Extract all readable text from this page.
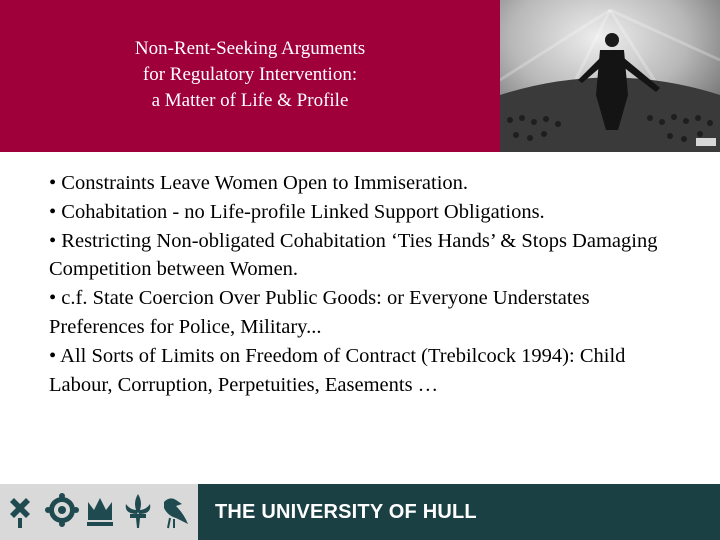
Non-Rent-Seeking Arguments
for Regulatory Intervention:
a Matter of Life & Profile

• Constraints Leave Women Open to Immiseration.

• Cohabitation - no Life-profile Linked Support Obligations.

• Restricting Non-obligated Cohabitation ‘Ties Hands’ & Stops Damaging Competition between Women.

• c.f. State Coercion Over Public Goods: or Everyone Understates Preferences for Police, Military...

• All Sorts of Limits on Freedom of Contract (Trebilcock 1994): Child Labour, Corruption, Perpetuities, Easements …

THE UNIVERSITY OF HULL
